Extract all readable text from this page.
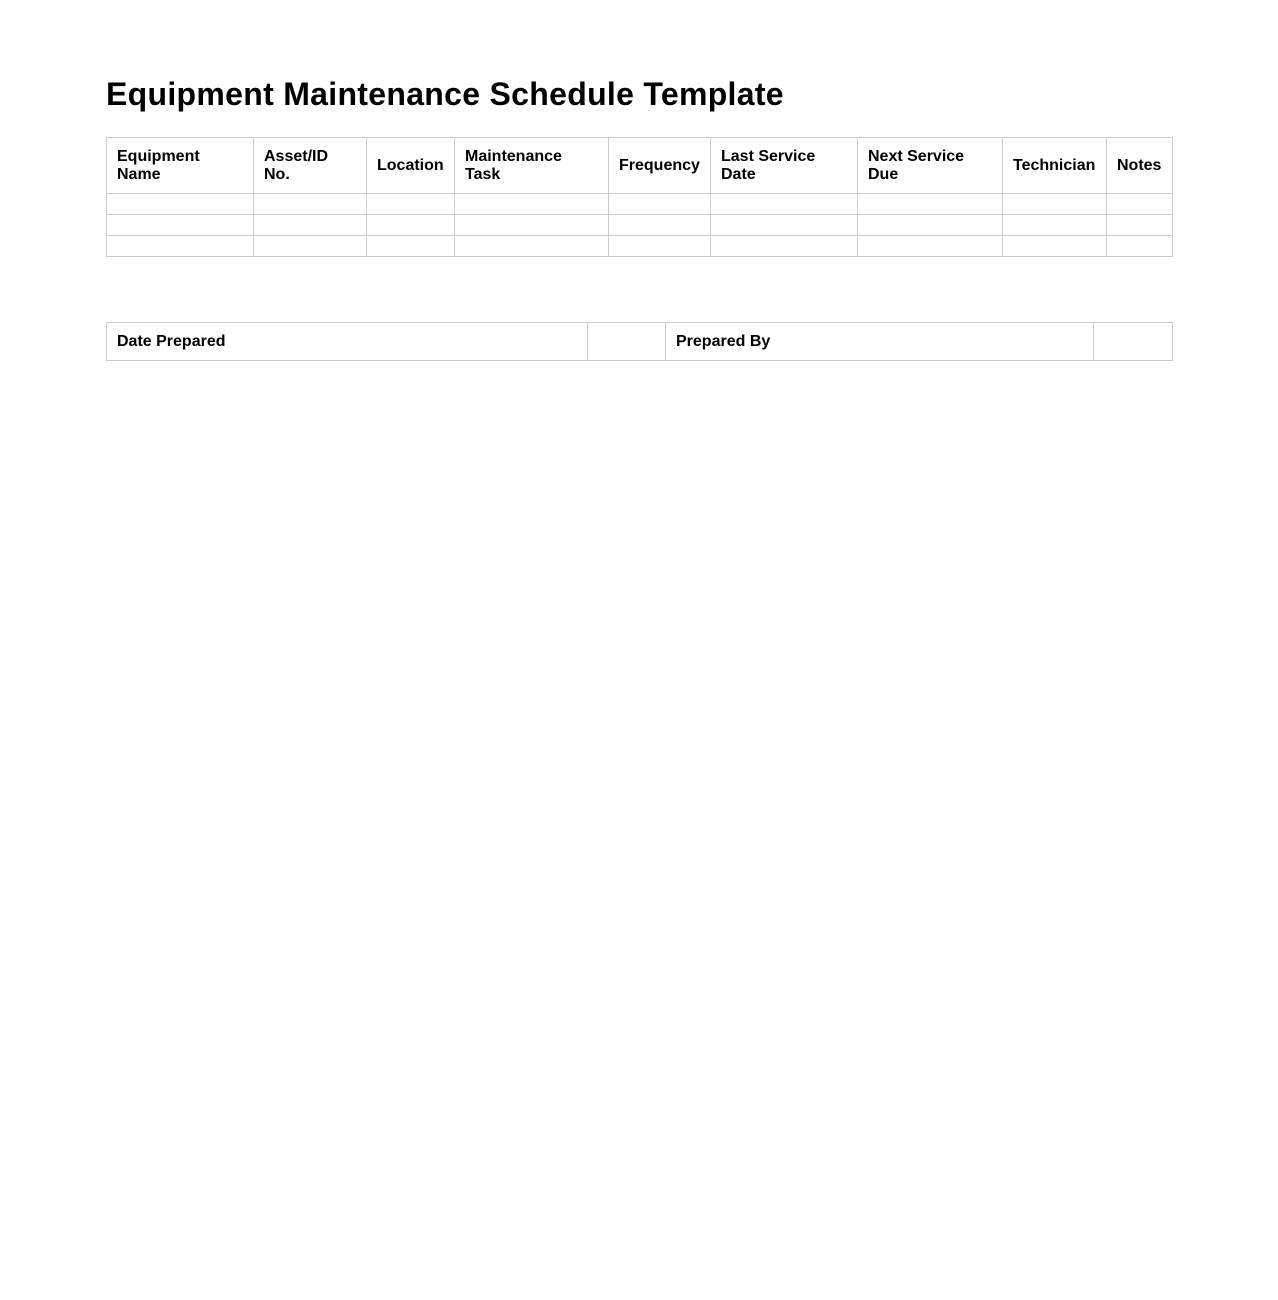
Equipment Maintenance Schedule Template
Equipment Name	Asset/ID No.	Location	Maintenance Task	Frequency	Last Service Date	Next Service Due	Technician	Notes

Date Prepared		Prepared By	
